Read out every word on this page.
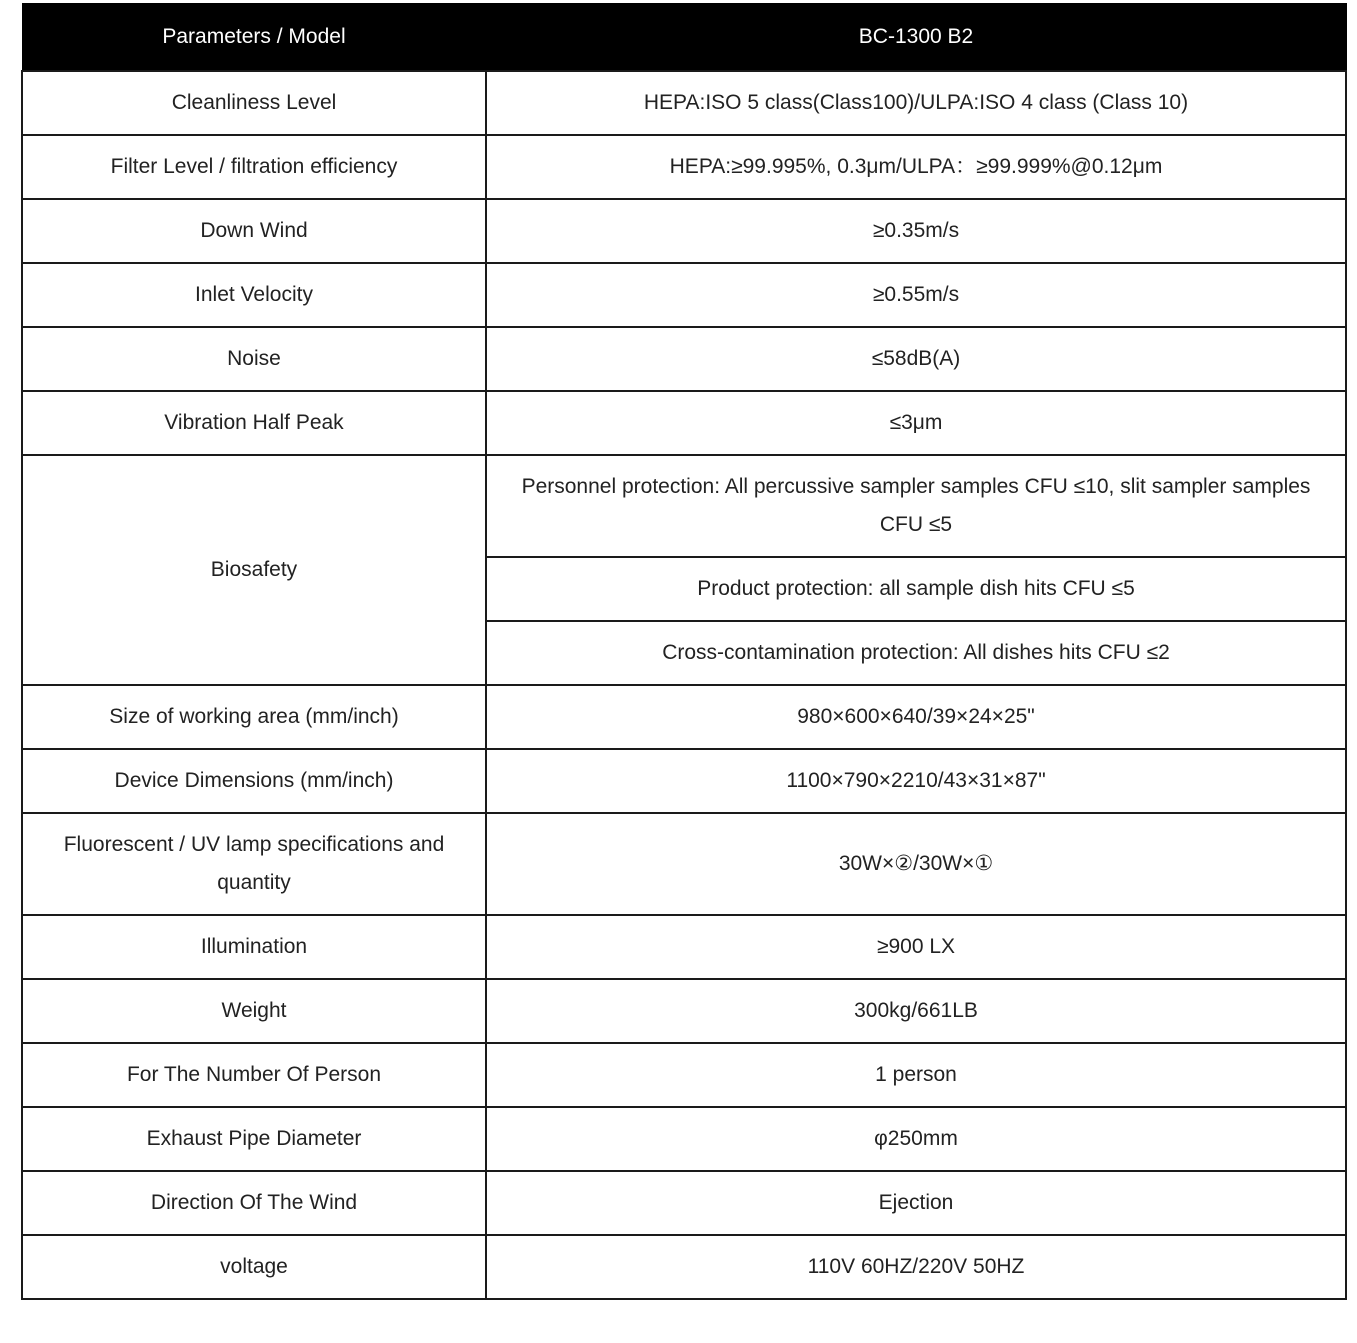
Parameters / Model	BC-1300 B2
Cleanliness Level	HEPA:ISO 5 class(Class100)/ULPA:ISO 4 class (Class 10)
Filter Level / filtration efficiency	HEPA:≥99.995%, 0.3μm/ULPA：≥99.999%@0.12μm
Down Wind	≥0.35m/s
Inlet Velocity	≥0.55m/s
Noise	≤58dB(A)
Vibration Half Peak	≤3μm
Biosafety	Personnel protection: All percussive sampler samples CFU ≤10, slit sampler samples CFU ≤5
	Product protection: all sample dish hits CFU ≤5
	Cross-contamination protection: All dishes hits CFU ≤2
Size of working area (mm/inch)	980×600×640/39×24×25"
Device Dimensions (mm/inch)	1100×790×2210/43×31×87"
Fluorescent / UV lamp specifications and quantity	30W×②/30W×①
Illumination	≥900 LX
Weight	300kg/661LB
For The Number Of Person	1 person
Exhaust Pipe Diameter	φ250mm
Direction Of The Wind	Ejection
voltage	110V 60HZ/220V 50HZ
